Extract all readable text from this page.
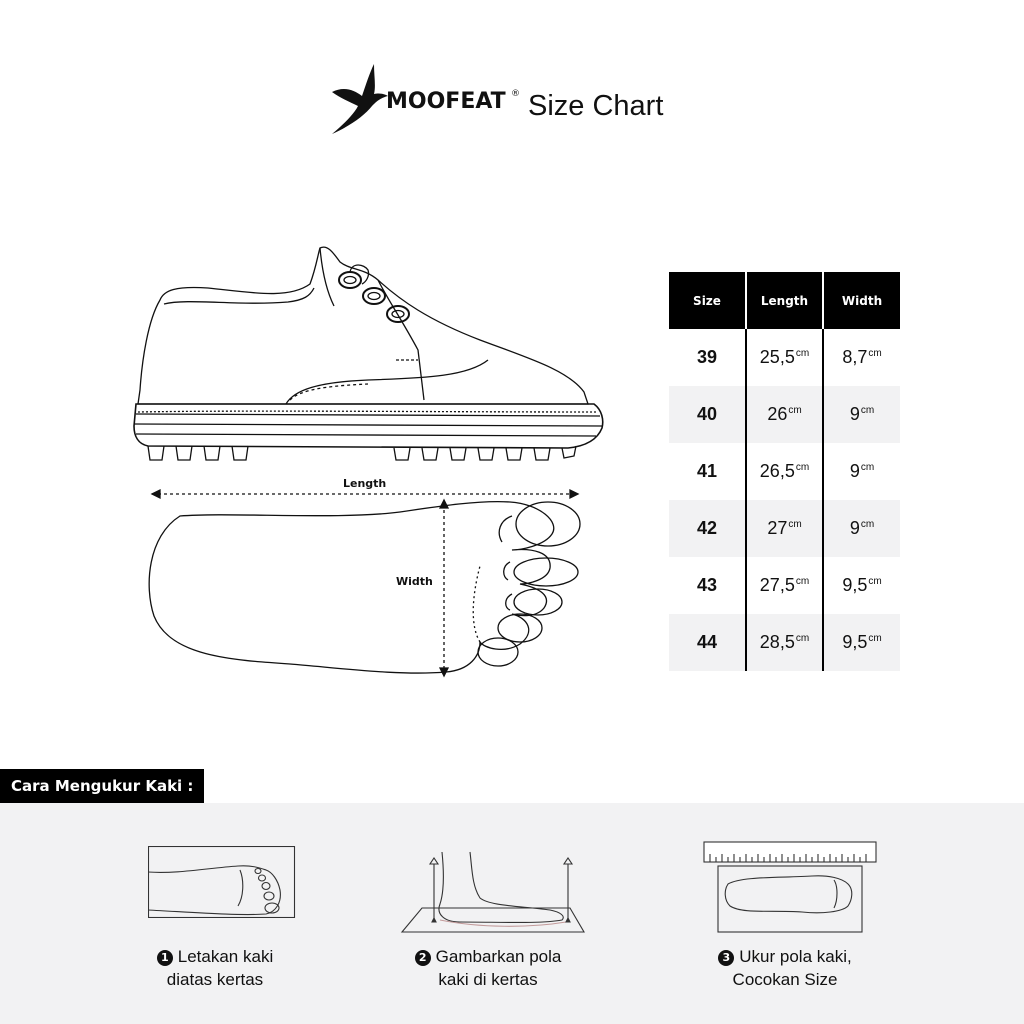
MOOFEAT ® Size Chart
Length
Width
Size	Length	Width
39	$25,5^{cm}$	$8,7^{cm}$
40	$26^{cm}$	$9^{cm}$
41	$26,5^{cm}$	$9^{cm}$
42	$27^{cm}$	$9^{cm}$
43	$27,5^{cm}$	$9,5^{cm}$
44	$28,5^{cm}$	$9,5^{cm}$
Cara Mengukur Kaki :
1 Letakan kaki
diatas kertas
2 Gambarkan pola
kaki di kertas
3 Ukur pola kaki,
Cocokan Size
